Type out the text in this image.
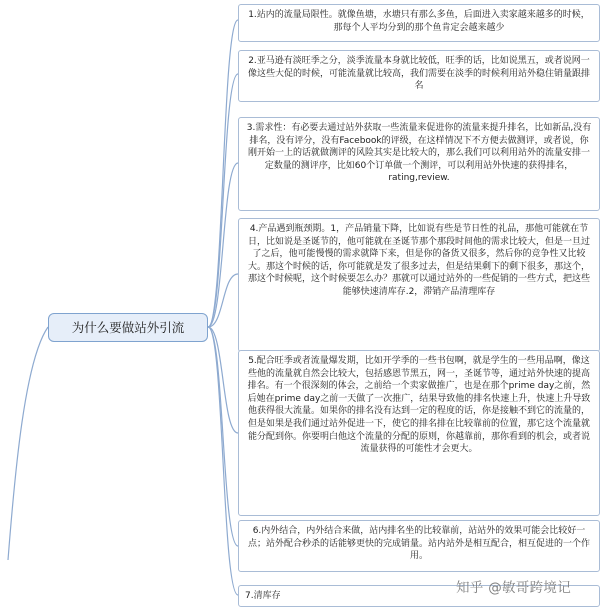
为什么要做站外引流
1.站内的流量局限性。就像鱼塘，水塘只有那么多鱼，后面进入卖家越来越多的时候，那每个人平均分到的那个鱼肯定会越来越少
2.亚马逊有淡旺季之分，淡季流量本身就比较低，旺季的话，比如说黑五，或者说网一像这些大促的时候，可能流量就比较高，我们需要在淡季的时候利用站外稳住销量跟排名
3.需求性：有必要去通过站外获取一些流量来促进你的流量来提升排名，比如新品,没有排名，没有评分，没有Facebook的评级，在这样情况下不方便去做测评，或者说，你刚开始一上的话就做测评的风险其实是比较大的，那么我们可以利用站外的流量安排一定数量的测评序，比如60个订单做一个测评，可以利用站外快速的获得排名，rating,review.
4.产品遇到瓶颈期。1，产品销量下降，比如说有些是节日性的礼品，那他可能就在节日，比如说是圣诞节的，他可能就在圣诞节那个那段时间他的需求比较大，但是一旦过了之后，他可能慢慢的需求就降下来，但是你的备货又很多，然后你的竞争性又比较大。那这个时候的话，你可能就是发了很多过去，但是结果剩下的剩下很多，那这个，那这个时候呢，这个时候要怎么办？那就可以通过站外的一些促销的一些方式，把这些能够快速清库存.2，滞销产品清理库存
5.配合旺季或者流量爆发期，比如开学季的一些书包啊，就是学生的一些用品啊，像这些他的流量就自然会比较大，包括感恩节黑五，网一，圣诞节等，通过站外快速的提高排名。有一个很深刻的体会，之前给一个卖家做推广，也是在那个prime day之前，然后她在prime day之前一天做了一次推广，结果导致他的排名快速上升，快速上升导致他获得很大流量。如果你的排名没有达到一定的程度的话，你是接触不到它的流量的，但是如果是我们通过站外促进一下，使它的排名排在比较靠前的位置，那它这个流量就能分配到你。你要明白他这个流量的分配的原则，你越靠前，那你看到的机会，或者说流量获得的可能性才会更大。
6.内外结合，内外结合来做，站内排名坐的比较靠前，站站外的效果可能会比较好一点；站外配合秒杀的话能够更快的完成销量。站内站外是相互配合，相互促进的一个作用。
7.清库存	知乎 @敏哥跨境记
